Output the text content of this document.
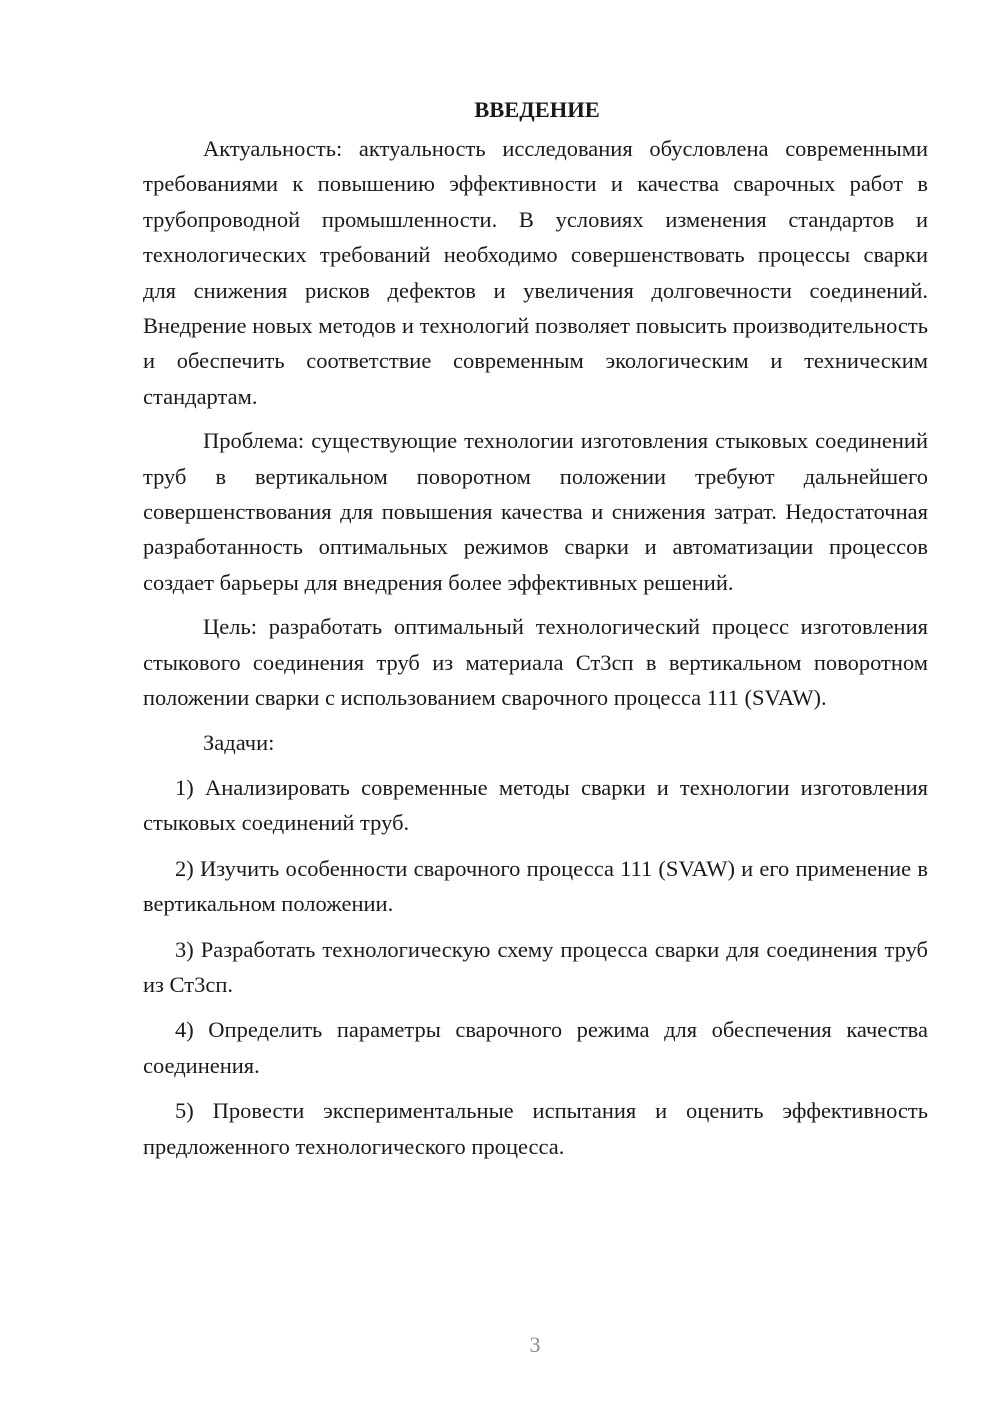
ВВЕДЕНИЕ

Актуальность: актуальность исследования обусловлена современными требованиями к повышению эффективности и качества сварочных работ в трубопроводной промышленности. В условиях изменения стандартов и технологических требований необходимо совершенствовать процессы сварки для снижения рисков дефектов и увеличения долговечности соединений. Внедрение новых методов и технологий позволяет повысить производительность и обеспечить соответствие современным экологическим и техническим стандартам.

Проблема: существующие технологии изготовления стыковых соединений труб в вертикальном поворотном положении требуют дальнейшего совершенствования для повышения качества и снижения затрат. Недостаточная разработанность оптимальных режимов сварки и автоматизации процессов создает барьеры для внедрения более эффективных решений.

Цель: разработать оптимальный технологический процесс изготовления стыкового соединения труб из материала Ст3сп в вертикальном поворотном положении сварки с использованием сварочного процесса 111 (SVAW).

Задачи:

1) Анализировать современные методы сварки и технологии изготовления стыковых соединений труб.

2) Изучить особенности сварочного процесса 111 (SVAW) и его применение в вертикальном положении.

3) Разработать технологическую схему процесса сварки для соединения труб из Ст3сп.

4) Определить параметры сварочного режима для обеспечения качества соединения.

5) Провести экспериментальные испытания и оценить эффективность предложенного технологического процесса.

3
